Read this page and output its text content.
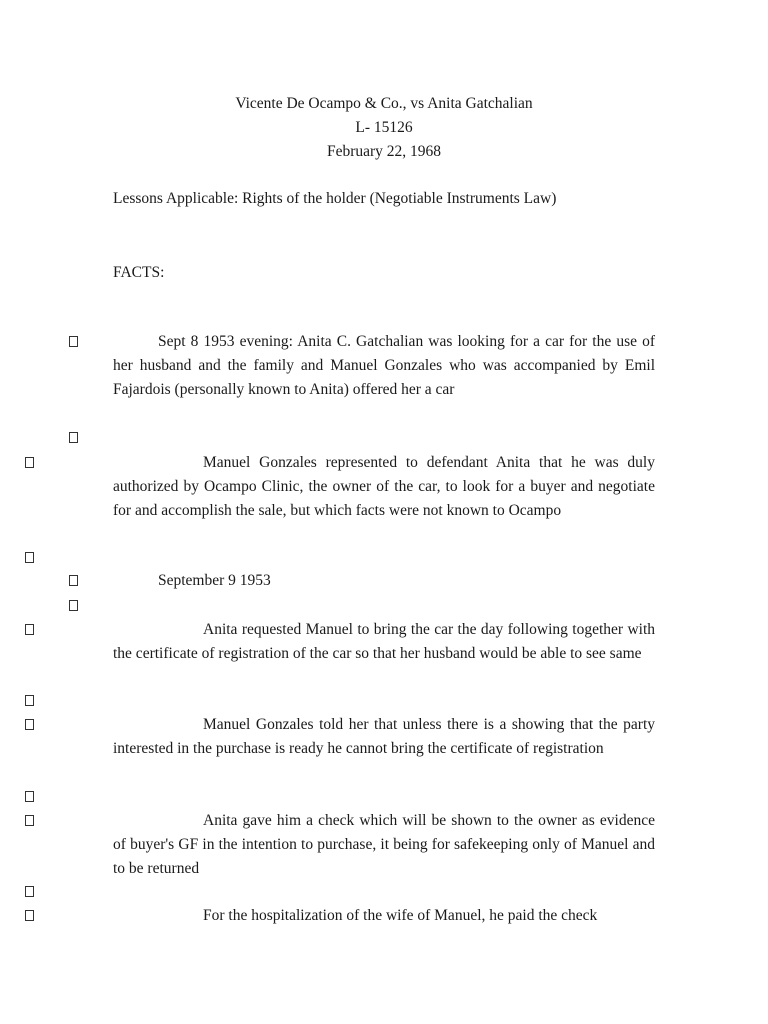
Vicente De Ocampo & Co., vs Anita Gatchalian
L- 15126
February 22, 1968
Lessons Applicable: Rights of the holder (Negotiable Instruments Law)
FACTS:
Sept 8 1953 evening: Anita C. Gatchalian was looking for a car for the use of her husband and the family and Manuel Gonzales who was accompanied by Emil Fajardois (personally known to Anita) offered her a car
Manuel Gonzales represented to defendant Anita that he was duly authorized by Ocampo Clinic, the owner of the car, to look for a buyer and negotiate for and accomplish the sale, but which facts were not known to Ocampo
September 9 1953
Anita requested Manuel to bring the car the day following together with the certificate of registration of the car so that her husband would be able to see same
Manuel Gonzales told her that unless there is a showing that the party interested in the purchase is ready he cannot bring the certificate of registration
Anita gave him a check which will be shown to the owner as evidence of buyer's GF in the intention to purchase, it being for safekeeping only of Manuel and to be returned
For the hospitalization of the wife of Manuel, he paid the check
